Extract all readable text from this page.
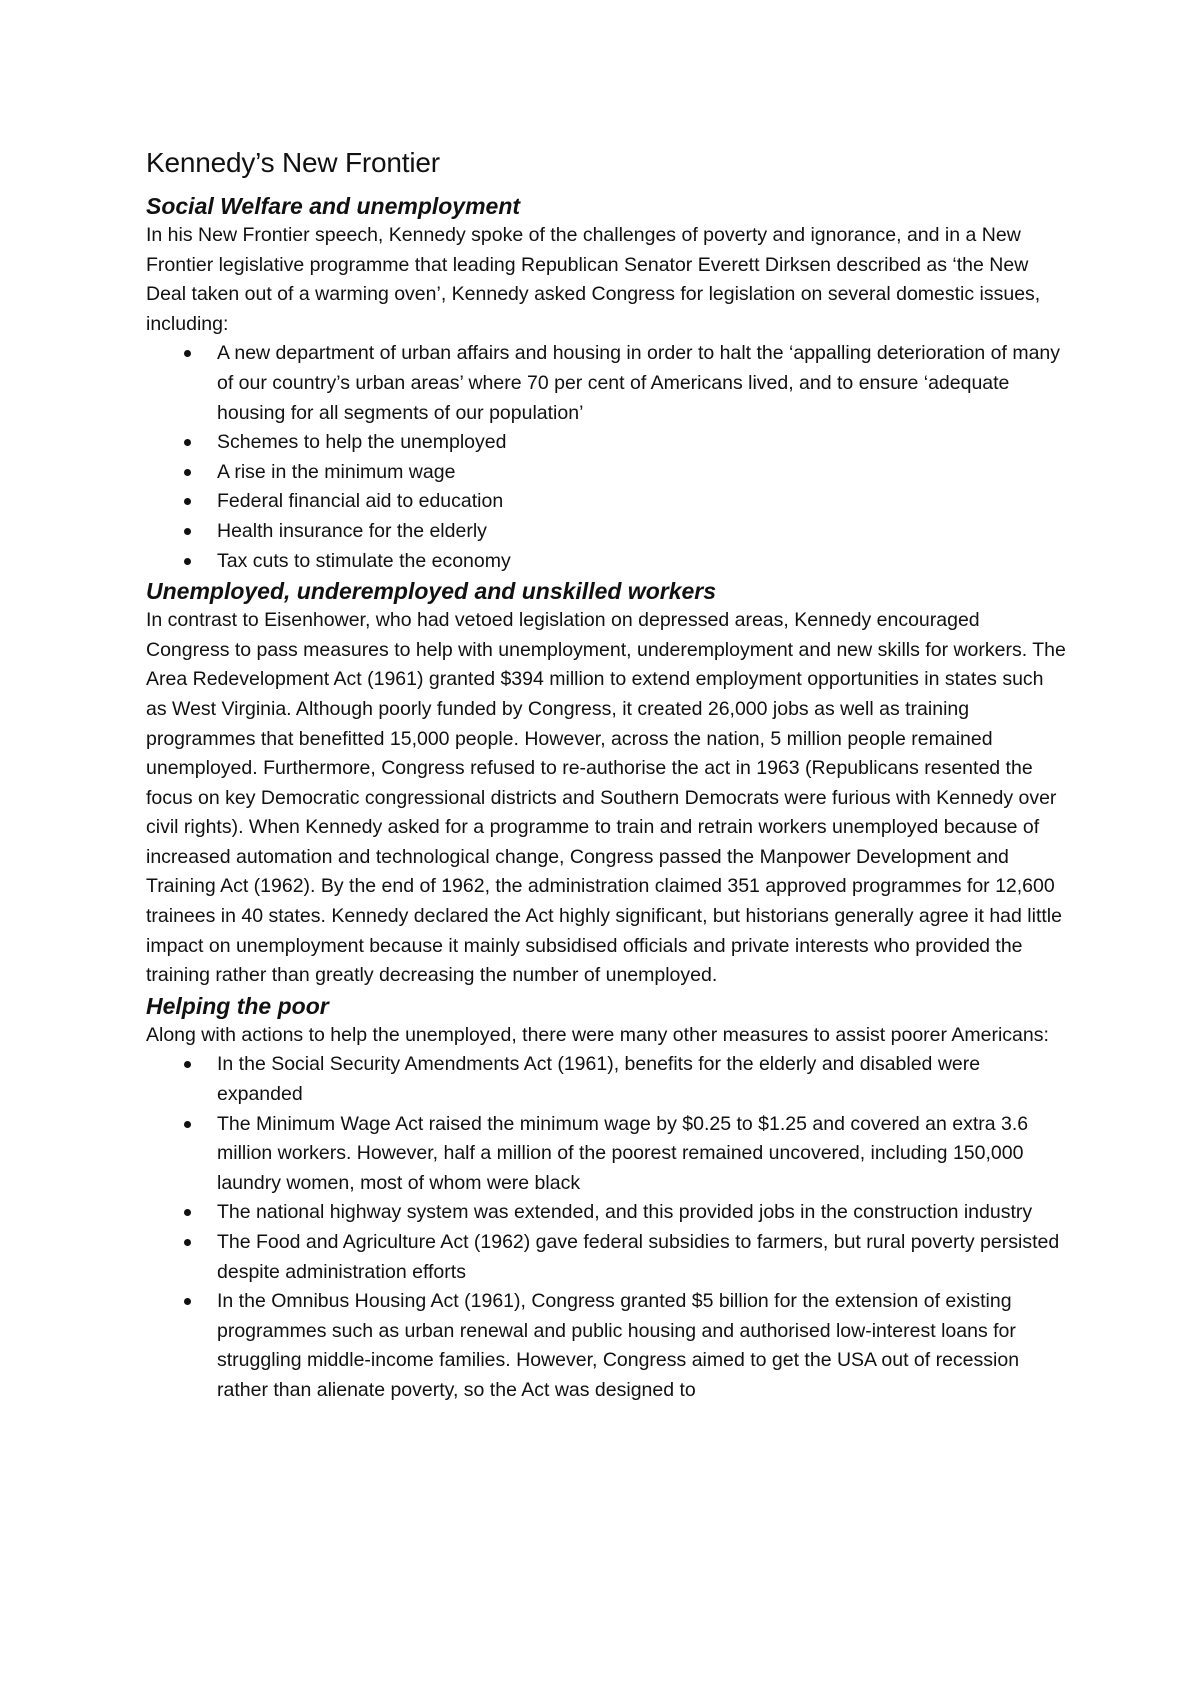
Kennedy’s New Frontier
Social Welfare and unemployment

In his New Frontier speech, Kennedy spoke of the challenges of poverty and ignorance, and in a New Frontier legislative programme that leading Republican Senator Everett Dirksen described as ‘the New Deal taken out of a warming oven’, Kennedy asked Congress for legislation on several domestic issues, including:

A new department of urban affairs and housing in order to halt the ‘appalling deterioration of many of our country’s urban areas’ where 70 per cent of Americans lived, and to ensure ‘adequate housing for all segments of our population’
Schemes to help the unemployed
A rise in the minimum wage
Federal financial aid to education
Health insurance for the elderly
Tax cuts to stimulate the economy
Unemployed, underemployed and unskilled workers

In contrast to Eisenhower, who had vetoed legislation on depressed areas, Kennedy encouraged Congress to pass measures to help with unemployment, underemployment and new skills for workers. The Area Redevelopment Act (1961) granted $394 million to extend employment opportunities in states such as West Virginia. Although poorly funded by Congress, it created 26,000 jobs as well as training programmes that benefitted 15,000 people. However, across the nation, 5 million people remained unemployed. Furthermore, Congress refused to re-authorise the act in 1963 (Republicans resented the focus on key Democratic congressional districts and Southern Democrats were furious with Kennedy over civil rights). When Kennedy asked for a programme to train and retrain workers unemployed because of increased automation and technological change, Congress passed the Manpower Development and Training Act (1962). By the end of 1962, the administration claimed 351 approved programmes for 12,600 trainees in 40 states. Kennedy declared the Act highly significant, but historians generally agree it had little impact on unemployment because it mainly subsidised officials and private interests who provided the training rather than greatly decreasing the number of unemployed.

Helping the poor

Along with actions to help the unemployed, there were many other measures to assist poorer Americans:

In the Social Security Amendments Act (1961), benefits for the elderly and disabled were expanded
The Minimum Wage Act raised the minimum wage by $0.25 to $1.25 and covered an extra 3.6 million workers. However, half a million of the poorest remained uncovered, including 150,000 laundry women, most of whom were black
The national highway system was extended, and this provided jobs in the construction industry
The Food and Agriculture Act (1962) gave federal subsidies to farmers, but rural poverty persisted despite administration efforts
In the Omnibus Housing Act (1961), Congress granted $5 billion for the extension of existing programmes such as urban renewal and public housing and authorised low-interest loans for struggling middle-income families. However, Congress aimed to get the USA out of recession rather than alienate poverty, so the Act was designed to
